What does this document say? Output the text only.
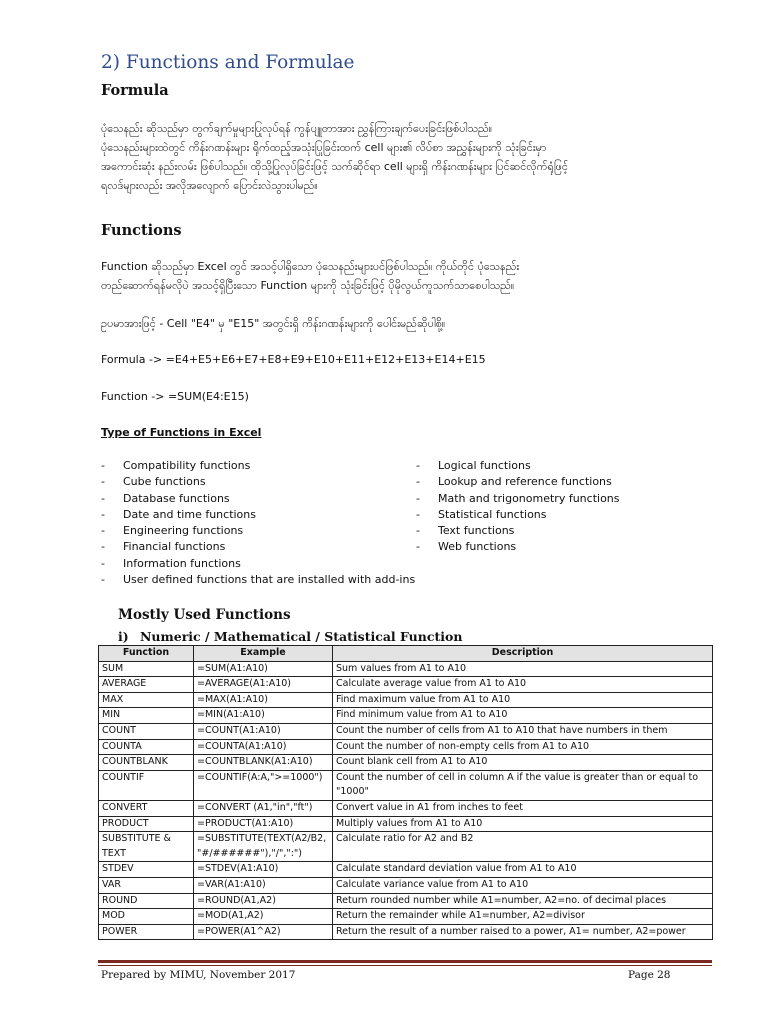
2) Functions and Formulae
Formula

ပုံသေနည်း ဆိုသည်မှာ တွက်ချက်မှုများပြုလုပ်ရန် ကွန်ပျူတာအား ညွှန်ကြားချက်ပေးခြင်းဖြစ်ပါသည်။

ပုံသေနည်းများထဲတွင် ကိန်းဂဏန်းများ ရိုက်ထည့်အသုံးပြုခြင်းထက် cell များ၏ လိပ်စာ အညွှန်းများကို သုံးခြင်းမှာ

အကောင်းဆုံး နည်းလမ်း ဖြစ်ပါသည်။ ထိုသို့ပြုလုပ်ခြင်းဖြင့် သက်ဆိုင်ရာ cell များရှိ ကိန်းဂဏန်းများ ပြင်ဆင်လိုက်ရုံဖြင့်

ရလဒ်များလည်း အလိုအလျောက် ပြောင်းလဲသွားပါမည်။

Functions

Function ဆိုသည်မှာ Excel တွင် အသင့်ပါရှိသော ပုံသေနည်းများပင်ဖြစ်ပါသည်။ ကိုယ်တိုင် ပုံသေနည်း

တည်ဆောက်ရန်မလိုပဲ အသင့်ရှိပြီးသော Function များကို သုံးခြင်းဖြင့် ပိုမိုလွယ်ကူသက်သာစေပါသည်။

ဥပမာအားဖြင့် - Cell "E4" မှ "E15" အတွင်းရှိ ကိန်းဂဏန်းများကို ပေါင်းမည်ဆိုပါစို့။
Formula -> =E4+E5+E6+E7+E8+E9+E10+E11+E12+E13+E14+E15
Function -> =SUM(E4:E15)
Type of Functions in Excel
- Compatibility functions
- Cube functions
- Database functions
- Date and time functions
- Engineering functions
- Financial functions
- Information functions
- User defined functions that are installed with add-ins
- Logical functions
- Lookup and reference functions
- Math and trigonometry functions
- Statistical functions
- Text functions
- Web functions
Mostly Used Functions
i) Numeric / Mathematical / Statistical Function
Function	Example	Description
SUM	=SUM(A1:A10)	Sum values from A1 to A10
AVERAGE	=AVERAGE(A1:A10)	Calculate average value from A1 to A10
MAX	=MAX(A1:A10)	Find maximum value from A1 to A10
MIN	=MIN(A1:A10)	Find minimum value from A1 to A10
COUNT	=COUNT(A1:A10)	Count the number of cells from A1 to A10 that have numbers in them
COUNTA	=COUNTA(A1:A10)	Count the number of non-empty cells from A1 to A10
COUNTBLANK	=COUNTBLANK(A1:A10)	Count blank cell from A1 to A10
COUNTIF	=COUNTIF(A:A,">=1000")	Count the number of cell in column A if the value is greater than or equal to "1000"
CONVERT	=CONVERT (A1,"in","ft")	Convert value in A1 from inches to feet
PRODUCT	=PRODUCT(A1:A10)	Multiply values from A1 to A10
SUBSTITUTE & TEXT	=SUBSTITUTE(TEXT(A2/B2, "#/######"),"/",":")	Calculate ratio for A2 and B2
STDEV	=STDEV(A1:A10)	Calculate standard deviation value from A1 to A10
VAR	=VAR(A1:A10)	Calculate variance value from A1 to A10
ROUND	=ROUND(A1,A2)	Return rounded number while A1=number, A2=no. of decimal places
MOD	=MOD(A1,A2)	Return the remainder while A1=number, A2=divisor
POWER	=POWER(A1^A2)	Return the result of a number raised to a power, A1= number, A2=power
Prepared by MIMU, November 2017	Page 28
